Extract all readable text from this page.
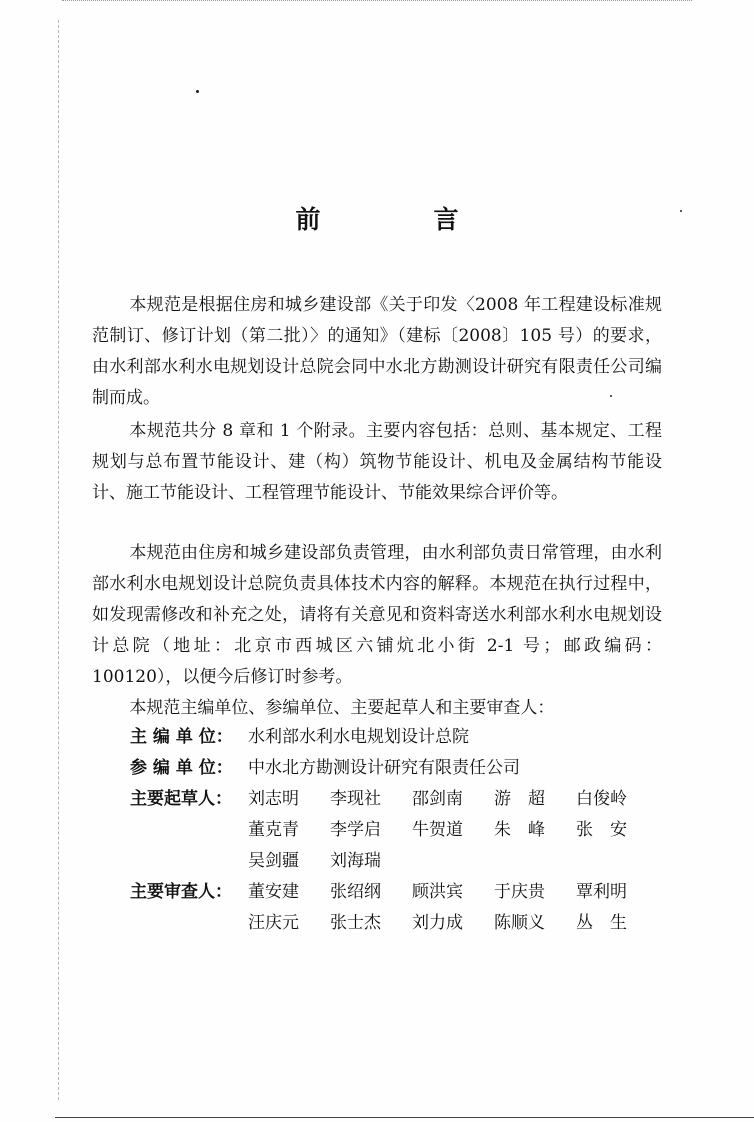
前　言

本规范是根据住房和城乡建设部《关于印发〈2008 年工程建设标准规范制订、修订计划（第二批）〉的通知》（建标〔2008〕105 号）的要求，由水利部水利水电规划设计总院会同中水北方勘测设计研究有限责任公司编制而成。

本规范共分 8 章和 1 个附录。主要内容包括：总则、基本规定、工程规划与总布置节能设计、建（构）筑物节能设计、机电及金属结构节能设计、施工节能设计、工程管理节能设计、节能效果综合评价等。

本规范由住房和城乡建设部负责管理，由水利部负责日常管理，由水利部水利水电规划设计总院负责具体技术内容的解释。本规范在执行过程中，如发现需修改和补充之处，请将有关意见和资料寄送水利部水利水电规划设计总院（地址：北京市西城区六铺炕北小街 2-1 号；邮政编码：100120），以便今后修订时参考。

本规范主编单位、参编单位、主要起草人和主要审查人：

主 编 单 位： 水利部水利水电规划设计总院
参 编 单 位： 中水北方勘测设计研究有限责任公司
主要起草人： 刘志明	李现社	邵剑南	游　超	白俊岭
董克青	李学启	牛贺道	朱　峰	张　安
吴剑疆	刘海瑞
主要审查人： 董安建	张绍纲	顾洪宾	于庆贵	覃利明
汪庆元	张士杰	刘力成	陈顺义	丛　生
